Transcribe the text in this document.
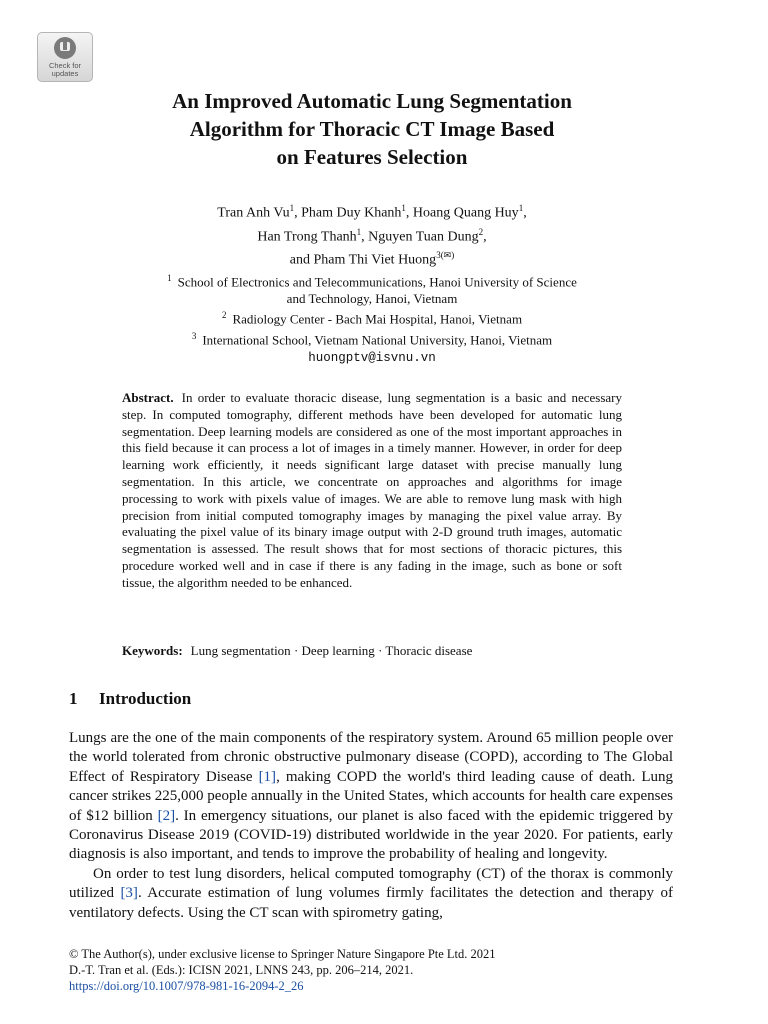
Check for
updates
An Improved Automatic Lung Segmentation
Algorithm for Thoracic CT Image Based
on Features Selection

Tran Anh Vu$^1$, Pham Duy Khanh$^1$, Hoang Quang Huy$^1$,
Han Trong Thanh$^1$, Nguyen Tuan Dung$^2$,
and Pham Thi Viet Huong$^{3(✉)}$

$^1$ School of Electronics and Telecommunications, Hanoi University of Science
and Technology, Hanoi, Vietnam
$^2$ Radiology Center - Bach Mai Hospital, Hanoi, Vietnam
$^3$ International School, Vietnam National University, Hanoi, Vietnam
huongptv@isvnu.vn

Abstract. In order to evaluate thoracic disease, lung segmentation is a basic and necessary step. In computed tomography, different methods have been developed for automatic lung segmentation. Deep learning models are considered as one of the most important approaches in this field because it can process a lot of images in a timely manner. However, in order for deep learning work efficiently, it needs significant large dataset with precise manually lung segmentation. In this article, we concentrate on approaches and algorithms for image processing to work with pixels value of images. We are able to remove lung mask with high precision from initial computed tomography images by managing the pixel value array. By evaluating the pixel value of its binary image output with 2-D ground truth images, automatic segmentation is assessed. The result shows that for most sections of thoracic pictures, this procedure worked well and in case if there is any fading in the image, such as bone or soft tissue, the algorithm needed to be enhanced.

Keywords: Lung segmentation · Deep learning · Thoracic disease

1 Introduction

Lungs are the one of the main components of the respiratory system. Around 65 million people over the world tolerated from chronic obstructive pulmonary disease (COPD), according to The Global Effect of Respiratory Disease [1], making COPD the world's third leading cause of death. Lung cancer strikes 225,000 people annually in the United States, which accounts for health care expenses of $12 billion [2]. In emergency situations, our planet is also faced with the epidemic triggered by Coronavirus Disease 2019 (COVID-19) distributed worldwide in the year 2020. For patients, early diagnosis is also important, and tends to improve the probability of healing and longevity.

On order to test lung disorders, helical computed tomography (CT) of the thorax is commonly utilized [3]. Accurate estimation of lung volumes firmly facilitates the detection and therapy of ventilatory defects. Using the CT scan with spirometry gating,

© The Author(s), under exclusive license to Springer Nature Singapore Pte Ltd. 2021
D.-T. Tran et al. (Eds.): ICISN 2021, LNNS 243, pp. 206–214, 2021.
https://doi.org/10.1007/978-981-16-2094-2_26
